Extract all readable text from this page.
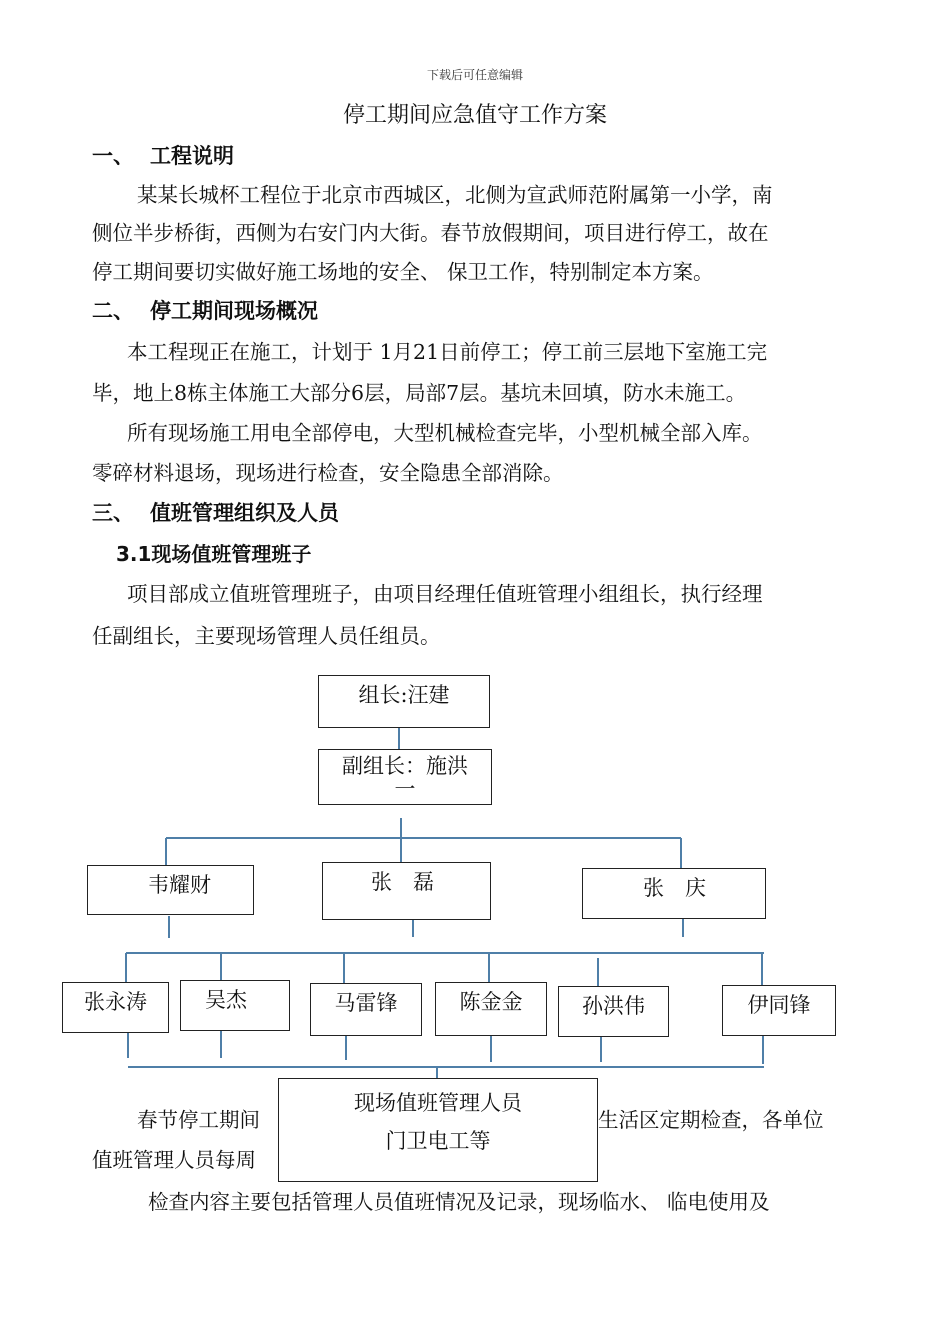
下载后可任意编辑
停工期间应急值守工作方案
一、 工程说明
某某长城杯工程位于北京市西城区，北侧为宣武师范附属第一小学，南
侧位半步桥街，西侧为右安门内大街。春节放假期间，项目进行停工，故在
停工期间要切实做好施工场地的安全、 保卫工作，特别制定本方案。
二、 停工期间现场概况
本工程现正在施工，计划于 1月21日前停工；停工前三层地下室施工完
毕，地上8栋主体施工大部分6层，局部7层。基坑未回填，防水未施工。
所有现场施工用电全部停电，大型机械检查完毕，小型机械全部入库。
零碎材料退场，现场进行检查，安全隐患全部消除。
三、 值班管理组织及人员
3.1现场值班管理班子
项目部成立值班管理班子，由项目经理任值班管理小组组长，执行经理
任副组长，主要现场管理人员任组员。
组长:汪建
副组长：施洪
一
韦耀财	张　磊	张　庆
张永涛	吴杰	马雷锋	陈金金	孙洪伟	伊同锋
春节停工期间	生活区定期检查，各单位
值班管理人员每周
检查内容主要包括管理人员值班情况及记录，现场临水、 临电使用及
现场值班管理人员
门卫电工等
